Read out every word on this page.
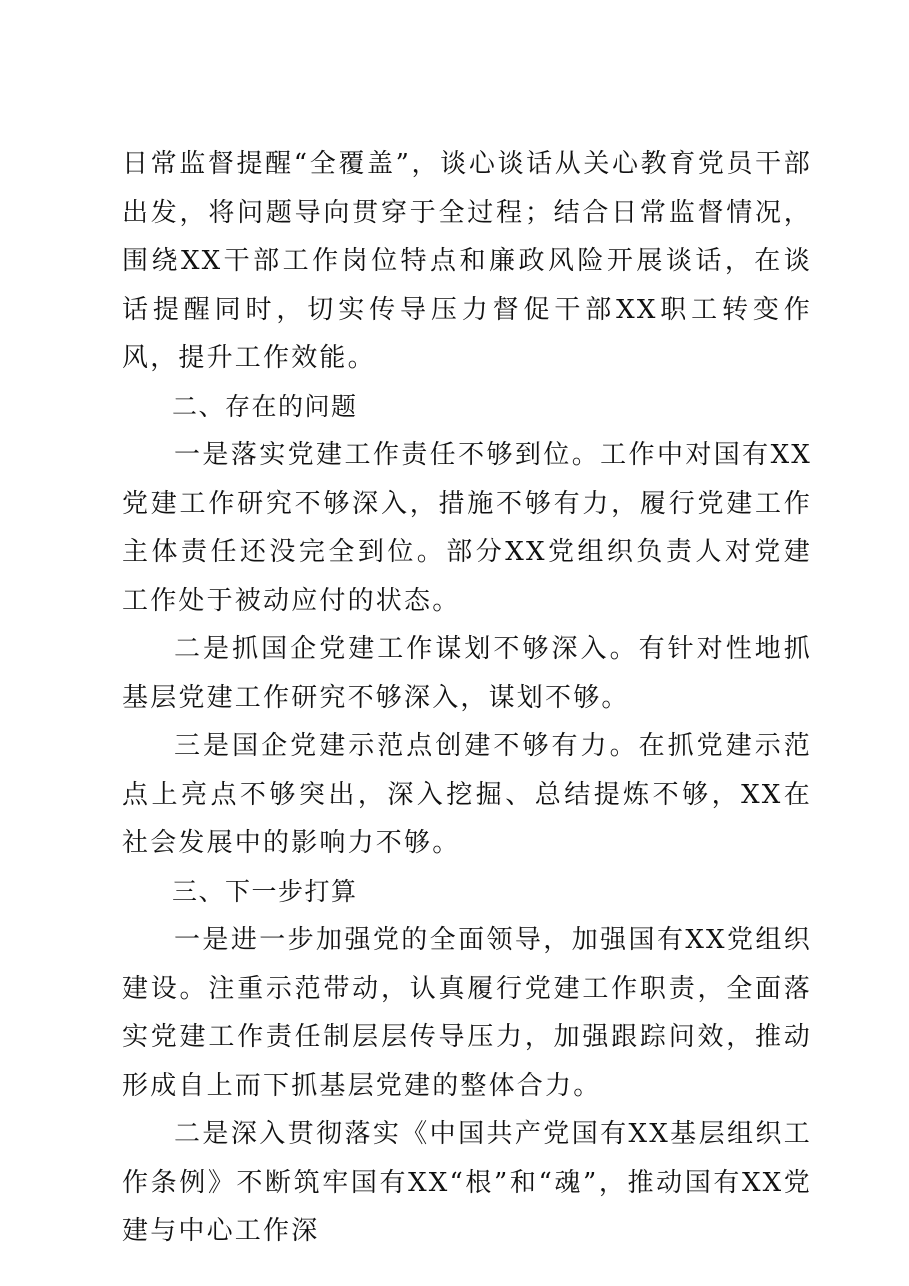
日常监督提醒“全覆盖”，谈心谈话从关心教育党员干部出发，将问题导向贯穿于全过程；结合日常监督情况，围绕XX干部工作岗位特点和廉政风险开展谈话，在谈话提醒同时，切实传导压力督促干部XX职工转变作风，提升工作效能。

二、存在的问题

一是落实党建工作责任不够到位。工作中对国有XX党建工作研究不够深入，措施不够有力，履行党建工作主体责任还没完全到位。部分XX党组织负责人对党建工作处于被动应付的状态。

二是抓国企党建工作谋划不够深入。有针对性地抓基层党建工作研究不够深入，谋划不够。

三是国企党建示范点创建不够有力。在抓党建示范点上亮点不够突出，深入挖掘、总结提炼不够，XX在社会发展中的影响力不够。

三、下一步打算

一是进一步加强党的全面领导，加强国有XX党组织建设。注重示范带动，认真履行党建工作职责，全面落实党建工作责任制层层传导压力，加强跟踪问效，推动形成自上而下抓基层党建的整体合力。

二是深入贯彻落实《中国共产党国有XX基层组织工作条例》不断筑牢国有XX“根”和“魂”，推动国有XX党建与中心工作深
